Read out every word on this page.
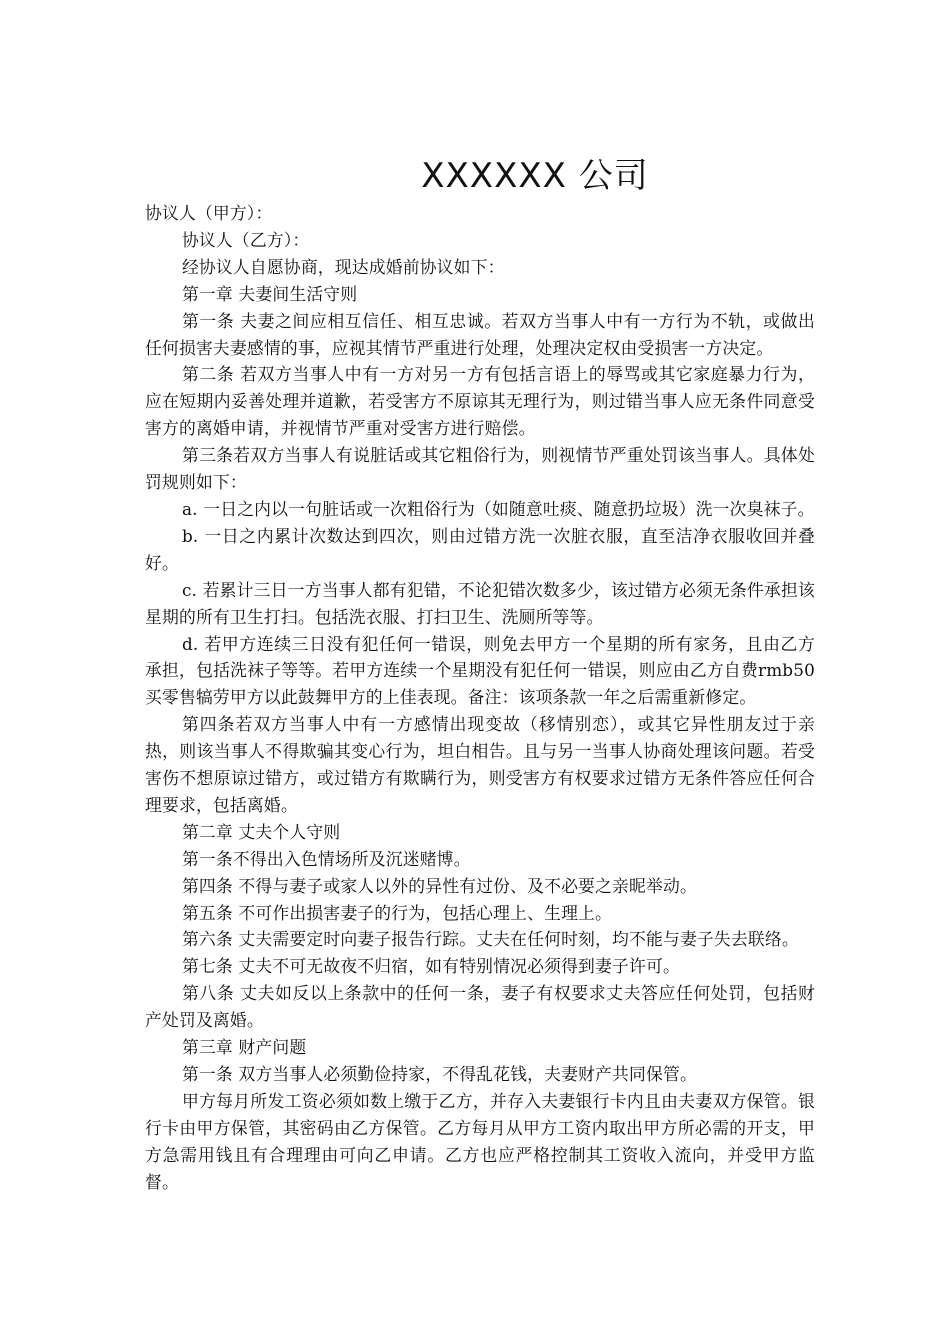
XXXXXX 公司

协议人（甲方）：

协议人（乙方）：

经协议人自愿协商，现达成婚前协议如下：

第一章 夫妻间生活守则

第一条 夫妻之间应相互信任、相互忠诚。若双方当事人中有一方行为不轨，或做出任何损害夫妻感情的事，应视其情节严重进行处理，处理决定权由受损害一方决定。

第二条 若双方当事人中有一方对另一方有包括言语上的辱骂或其它家庭暴力行为，应在短期内妥善处理并道歉，若受害方不原谅其无理行为，则过错当事人应无条件同意受害方的离婚申请，并视情节严重对受害方进行赔偿。

第三条若双方当事人有说脏话或其它粗俗行为，则视情节严重处罚该当事人。具体处罚规则如下：

a. 一日之内以一句脏话或一次粗俗行为（如随意吐痰、随意扔垃圾）洗一次臭袜子。

b. 一日之内累计次数达到四次，则由过错方洗一次脏衣服，直至洁净衣服收回并叠好。

c. 若累计三日一方当事人都有犯错，不论犯错次数多少，该过错方必须无条件承担该星期的所有卫生打扫。包括洗衣服、打扫卫生、洗厕所等等。

d. 若甲方连续三日没有犯任何一错误，则免去甲方一个星期的所有家务，且由乙方承担，包括洗袜子等等。若甲方连续一个星期没有犯任何一错误，则应由乙方自费rmb50 买零售犒劳甲方以此鼓舞甲方的上佳表现。备注：该项条款一年之后需重新修定。

第四条若双方当事人中有一方感情出现变故（移情别恋），或其它异性朋友过于亲热，则该当事人不得欺骗其变心行为，坦白相告。且与另一当事人协商处理该问题。若受害伤不想原谅过错方，或过错方有欺瞒行为，则受害方有权要求过错方无条件答应任何合理要求，包括离婚。

第二章 丈夫个人守则

第一条不得出入色情场所及沉迷赌博。

第四条 不得与妻子或家人以外的异性有过份、及不必要之亲昵举动。

第五条 不可作出损害妻子的行为，包括心理上、生理上。

第六条 丈夫需要定时向妻子报告行踪。丈夫在任何时刻，均不能与妻子失去联络。

第七条 丈夫不可无故夜不归宿，如有特别情况必须得到妻子许可。

第八条 丈夫如反以上条款中的任何一条，妻子有权要求丈夫答应任何处罚，包括财产处罚及离婚。

第三章 财产问题

第一条 双方当事人必须勤俭持家，不得乱花钱，夫妻财产共同保管。

甲方每月所发工资必须如数上缴于乙方，并存入夫妻银行卡内且由夫妻双方保管。银行卡由甲方保管，其密码由乙方保管。乙方每月从甲方工资内取出甲方所必需的开支，甲方急需用钱且有合理理由可向乙申请。乙方也应严格控制其工资收入流向，并受甲方监督。
